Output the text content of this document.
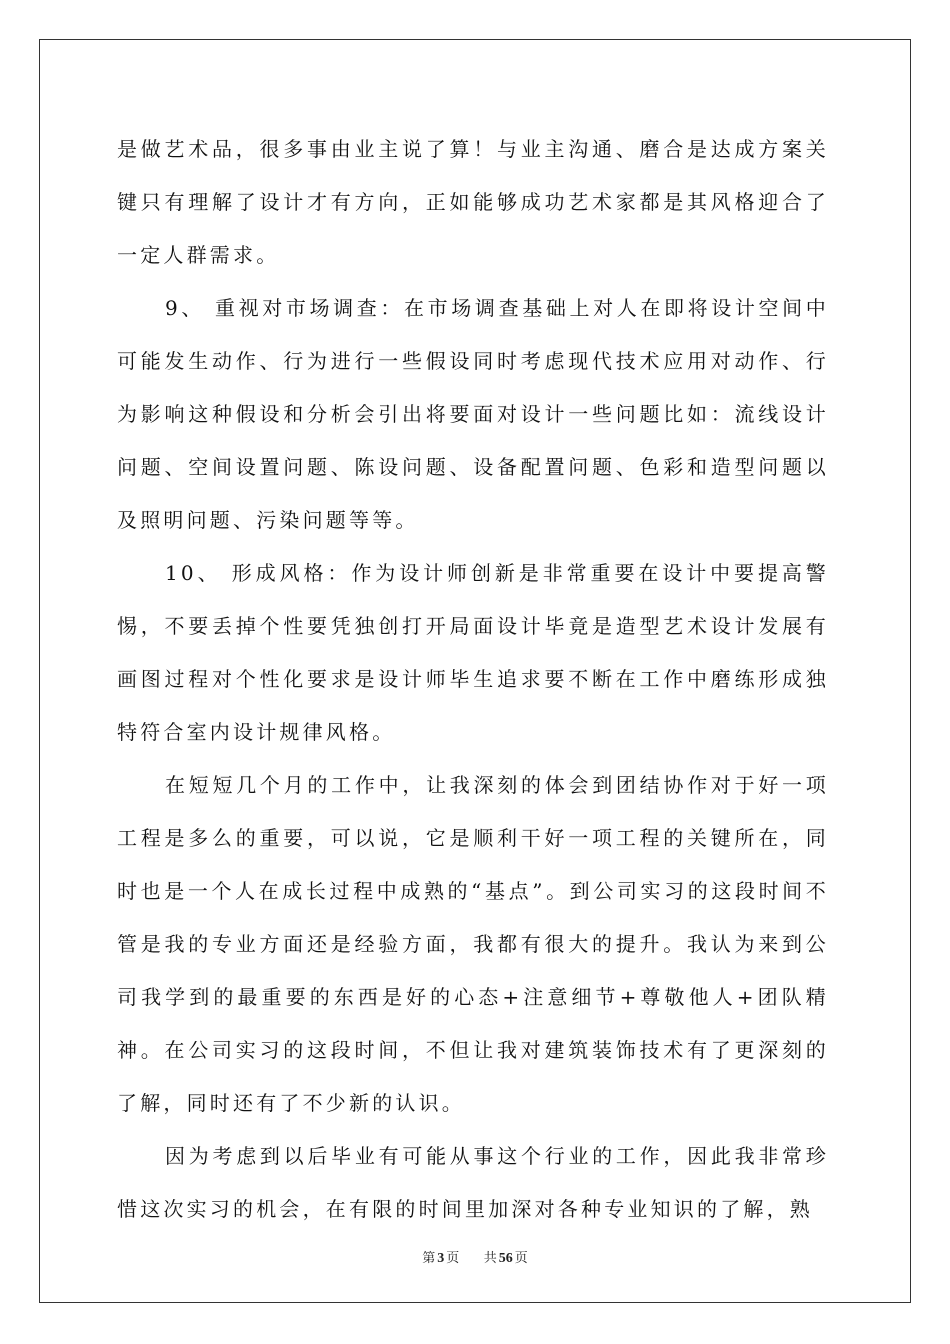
是做艺术品，很多事由业主说了算！与业主沟通、磨合是达成方案关键只有理解了设计才有方向，正如能够成功艺术家都是其风格迎合了一定人群需求。

9、 重视对市场调查：在市场调查基础上对人在即将设计空间中可能发生动作、行为进行一些假设同时考虑现代技术应用对动作、行为影响这种假设和分析会引出将要面对设计一些问题比如：流线设计问题、空间设置问题、陈设问题、设备配置问题、色彩和造型问题以及照明问题、污染问题等等。

10、 形成风格：作为设计师创新是非常重要在设计中要提高警惕，不要丢掉个性要凭独创打开局面设计毕竟是造型艺术设计发展有画图过程对个性化要求是设计师毕生追求要不断在工作中磨练形成独特符合室内设计规律风格。

在短短几个月的工作中，让我深刻的体会到团结协作对于好一项工程是多么的重要，可以说，它是顺利干好一项工程的关键所在，同时也是一个人在成长过程中成熟的“基点”。到公司实习的这段时间不管是我的专业方面还是经验方面，我都有很大的提升。我认为来到公司我学到的最重要的东西是好的心态+注意细节+尊敬他人+团队精神。在公司实习的这段时间，不但让我对建筑装饰技术有了更深刻的了解，同时还有了不少新的认识。

因为考虑到以后毕业有可能从事这个行业的工作，因此我非常珍惜这次实习的机会，在有限的时间里加深对各种专业知识的了解，熟

第 3 页 共 56 页
